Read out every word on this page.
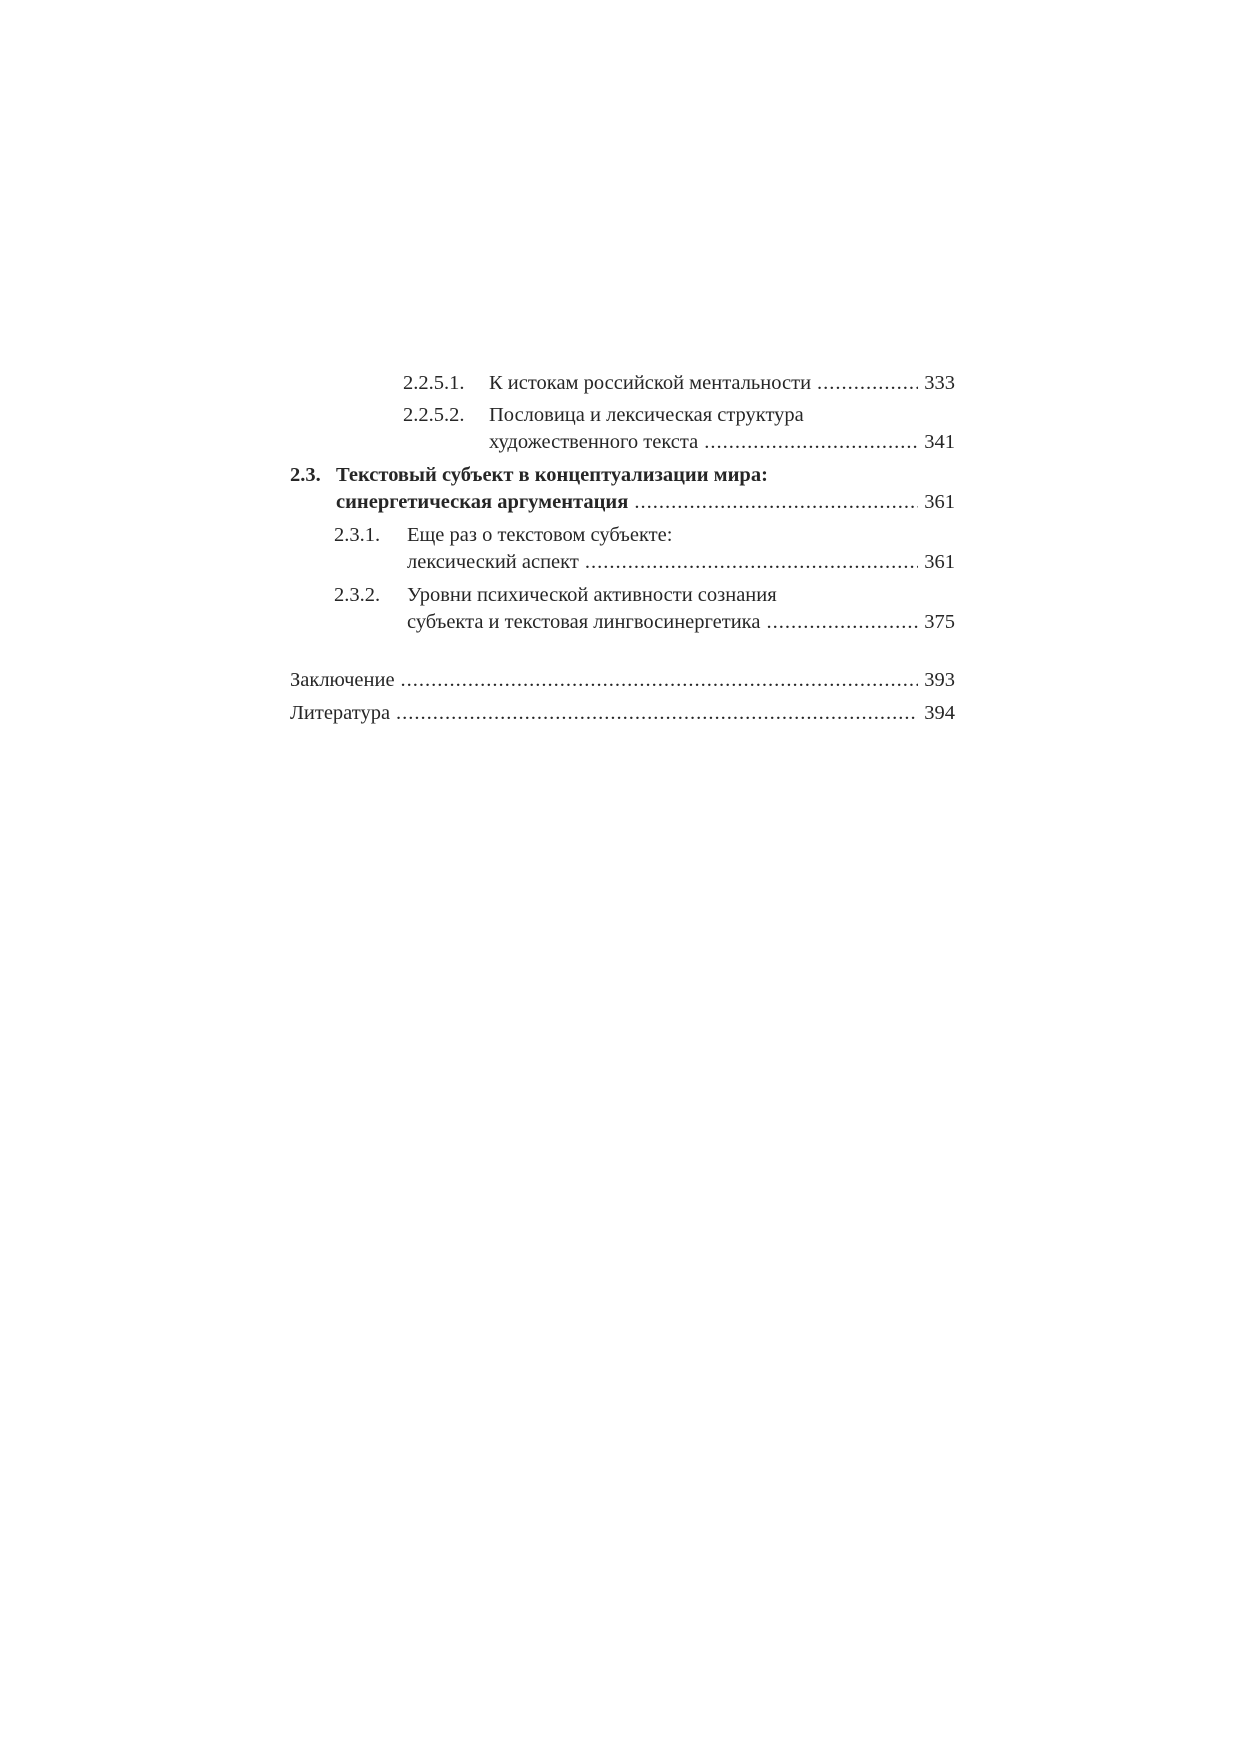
2.2.5.1.	К истокам российской ментальности .....	333
2.2.5.2.	Пословица и лексическая структура
художественного текста .....	341
2.3. Текстовый субъект в концептуализации мира:
синергетическая аргументация .....	361
2.3.1.	Еще раз о текстовом субъекте:
лексический аспект .....	361
2.3.2.	Уровни психической активности сознания
субъекта и текстовая лингвосинергетика .....	375
Заключение .....	393
Литература .....	394
